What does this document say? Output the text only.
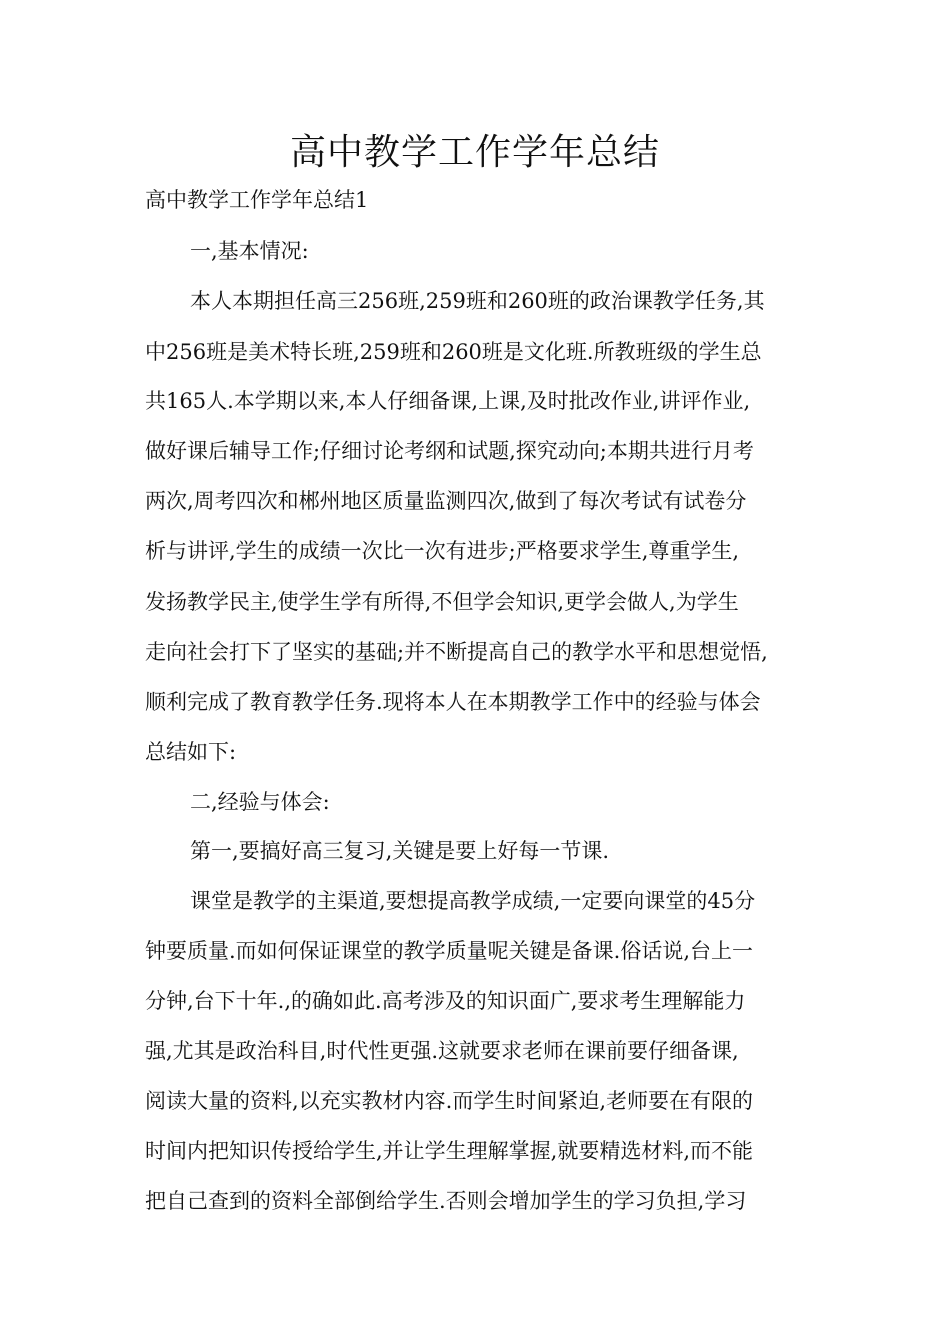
高中教学工作学年总结

高中教学工作学年总结1

一,基本情况:

本人本期担任高三256班,259班和260班的政治课教学任务,其

中256班是美术特长班,259班和260班是文化班.所教班级的学生总

共165人.本学期以来,本人仔细备课,上课,及时批改作业,讲评作业,

做好课后辅导工作;仔细讨论考纲和试题,探究动向;本期共进行月考

两次,周考四次和郴州地区质量监测四次,做到了每次考试有试卷分

析与讲评,学生的成绩一次比一次有进步;严格要求学生,尊重学生,

发扬教学民主,使学生学有所得,不但学会知识,更学会做人,为学生

走向社会打下了坚实的基础;并不断提高自己的教学水平和思想觉悟,

顺利完成了教育教学任务.现将本人在本期教学工作中的经验与体会

总结如下:

二,经验与体会:

第一,要搞好高三复习,关键是要上好每一节课.

课堂是教学的主渠道,要想提高教学成绩,一定要向课堂的45分

钟要质量.而如何保证课堂的教学质量呢关键是备课.俗话说,台上一

分钟,台下十年.,的确如此.高考涉及的知识面广,要求考生理解能力

强,尤其是政治科目,时代性更强.这就要求老师在课前要仔细备课,

阅读大量的资料,以充实教材内容.而学生时间紧迫,老师要在有限的

时间内把知识传授给学生,并让学生理解掌握,就要精选材料,而不能

把自己查到的资料全部倒给学生.否则会增加学生的学习负担,学习
